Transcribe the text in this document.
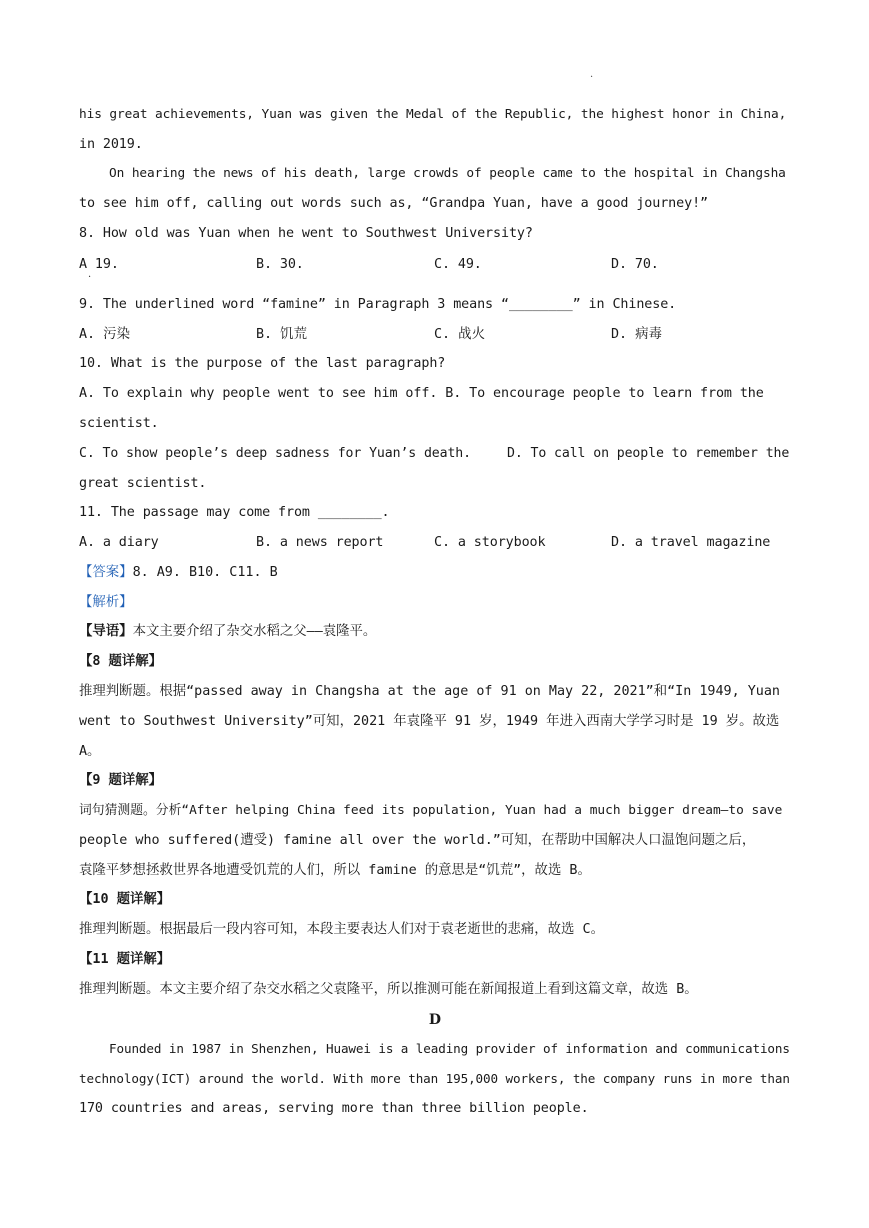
·
·
his great achievements, Yuan was given the Medal of the Republic, the highest honor in China,
in 2019.
On hearing the news of his death, large crowds of people came to the hospital in Changsha
to see him off, calling out words such as, “Grandpa Yuan, have a good journey!”
8. How old was Yuan when he went to Southwest University?
A 19.	B. 30.	C. 49.	D. 70.
9. The underlined word “famine” in Paragraph 3 means “________” in Chinese.
A. 污染	B. 饥荒	C. 战火	D. 病毒
10. What is the purpose of the last paragraph?
A. To explain why people went to see him off. B. To encourage people to learn from the
scientist.
C. To show people’s deep sadness for Yuan’s death.	D. To call on people to remember the
great scientist.
11. The passage may come from ________.
A. a diary	B. a news report	C. a storybook	D. a travel magazine
【答案】8. A9. B10. C11. B
【解析】
【导语】本文主要介绍了杂交水稻之父——袁隆平。
【8 题详解】
推理判断题。根据“passed away in Changsha at the age of 91 on May 22, 2021”和“In 1949, Yuan
went to Southwest University”可知，2021 年袁隆平 91 岁，1949 年进入西南大学学习时是 19 岁。故选
A。
【9 题详解】
词句猜测题。分析“After helping China feed its population, Yuan had a much bigger dream—to save
people who suffered(遭受) famine all over the world.”可知，在帮助中国解决人口温饱问题之后，
袁隆平梦想拯救世界各地遭受饥荒的人们，所以 famine 的意思是“饥荒”，故选 B。
【10 题详解】
推理判断题。根据最后一段内容可知，本段主要表达人们对于袁老逝世的悲痛，故选 C。
【11 题详解】
推理判断题。本文主要介绍了杂交水稻之父袁隆平，所以推测可能在新闻报道上看到这篇文章，故选 B。
D
Founded in 1987 in Shenzhen, Huawei is a leading provider of information and communications
technology(ICT) around the world. With more than 195,000 workers, the company runs in more than
170 countries and areas, serving more than three billion people.
